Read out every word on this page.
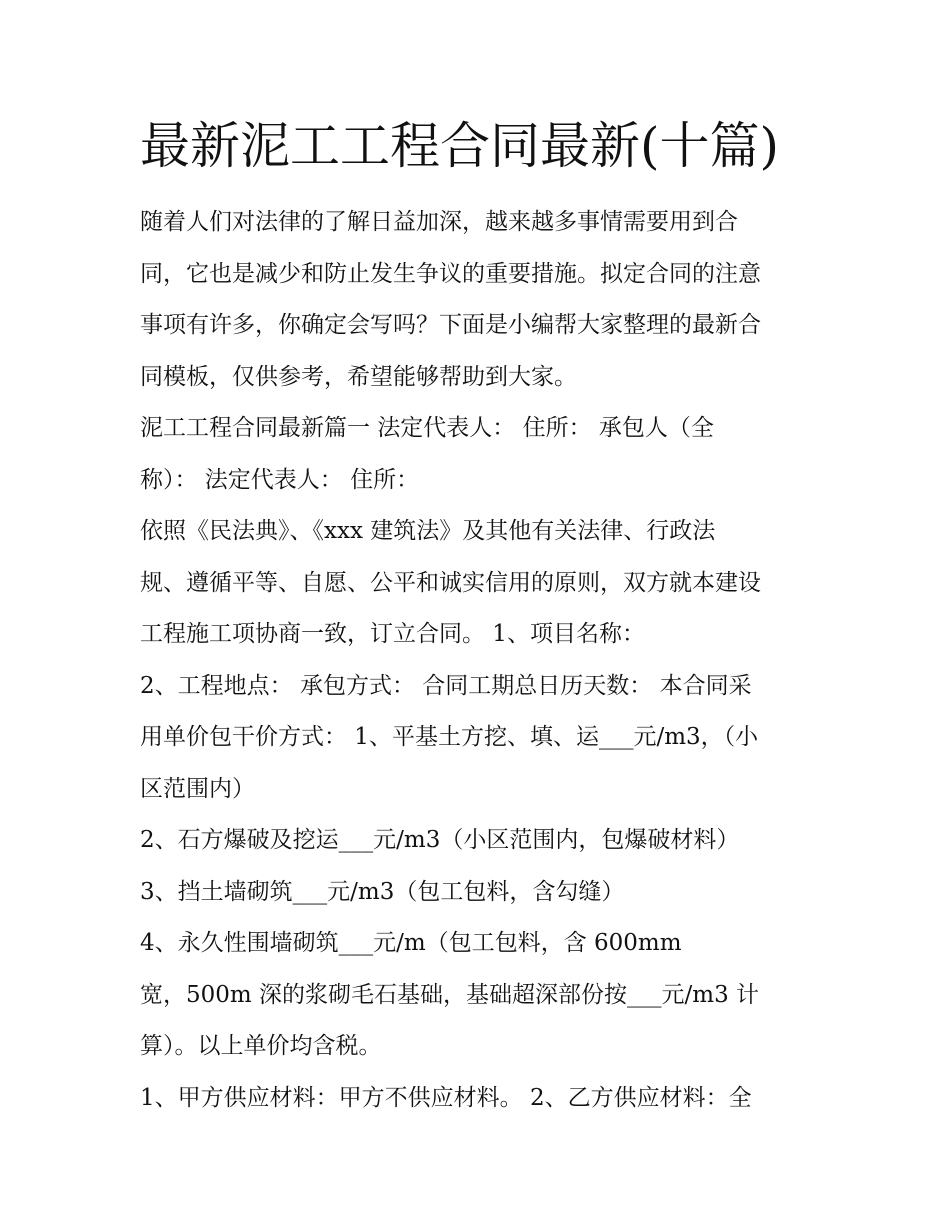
最新泥工工程合同最新(十篇)
随着人们对法律的了解日益加深，越来越多事情需要用到合
同，它也是减少和防止发生争议的重要措施。拟定合同的注意
事项有许多，你确定会写吗？下面是小编帮大家整理的最新合
同模板，仅供参考，希望能够帮助到大家。
泥工工程合同最新篇一 法定代表人： 住所： 承包人（全
称）： 法定代表人： 住所：
依照《民法典》、《xxx 建筑法》及其他有关法律、行政法
规、遵循平等、自愿、公平和诚实信用的原则，双方就本建设
工程施工项协商一致，订立合同。 1、项目名称：
2、工程地点： 承包方式： 合同工期总日历天数： 本合同采
用单价包干价方式： 1、平基土方挖、填、运___元/m3，（小
区范围内）
2、石方爆破及挖运___元/m3（小区范围内，包爆破材料）
3、挡土墙砌筑___元/m3（包工包料，含勾缝）
4、永久性围墙砌筑___元/m（包工包料，含 600mm
宽，500m 深的浆砌毛石基础，基础超深部份按___元/m3 计
算）。以上单价均含税。
1、甲方供应材料：甲方不供应材料。 2、乙方供应材料：全
